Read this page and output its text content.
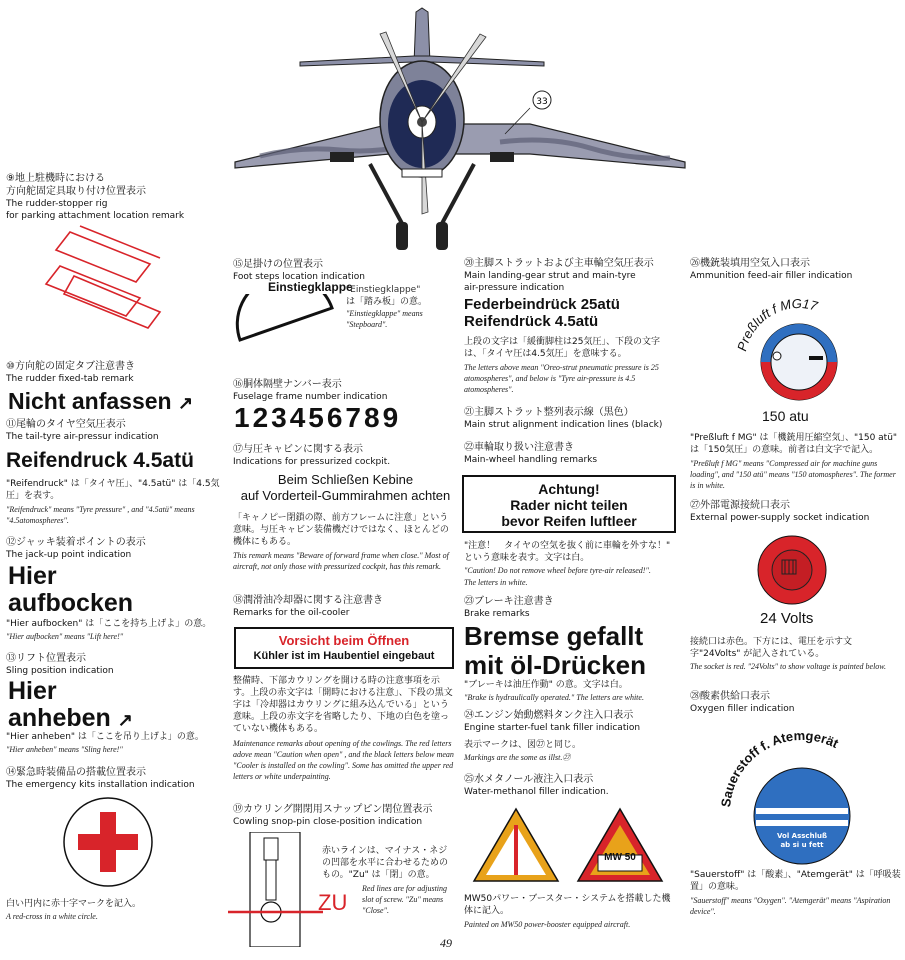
33
⑨地上駐機時における
方向舵固定具取り付け位置表示
The rudder-stopper rig
for parking attachment location remark
⑩方向舵の固定タブ注意書き
The rudder fixed-tab remark
Nicht anfassen ↗
⑪尾輪のタイヤ空気圧表示
The tail-tyre air-pressur indication
Reifendruck 4.5atü
"Reifendruck" は「タイヤ圧」、"4.5atü" は「4.5気圧」を表す。
"Reifendruck" means "Tyre pressure" , and "4.5atü" means "4.5atomospheres".
⑫ジャッキ装着ポイントの表示
The jack-up point indication
Hier
aufbocken
"Hier aufbocken" は「ここを持ち上げよ」の意。
"Hier aufbocken" means "Lift here!"
⑬リフト位置表示
Sling position indication
Hier
anheben ↗
"Hier anheben" は「ここを吊り上げよ」の意。
"Hier anheben" means "Sling here!"
⑭緊急時装備品の搭載位置表示
The emergency kits installation indication
白い円内に赤十字マークを記入。
A red-cross in a white circle.
⑮足掛けの位置表示
Foot steps location indication
Einstiegklappe
"Einstiegklappe"
は「踏み板」の意。
"Einstiegklappe" means "Stepboard".
⑯胴体隔壁ナンバー表示
Fuselage frame number indication
123456789
⑰与圧キャビンに関する表示
Indications for pressurized cockpit.
Beim Schließen Kebine
auf Vorderteil-Gummirahmen achten
「キャノピー閉鎖の際、前方フレームに注意」という意味。与圧キャビン装備機だけではなく、ほとんどの機体にもある。
This remark means "Beware of forward frame when close." Most of aircraft, not only those with pressurized cockpit, has this remark.
⑱潤滑油冷却器に関する注意書き
Remarks for the oil-cooler
Vorsicht beim Öffnen
Kühler ist im Haubentiel eingebaut
整備時、下部カウリングを開ける時の注意事項を示す。上段の赤文字は「開時における注意」、下段の黒文字は「冷却器はカウリングに組み込んでいる」という意味。上段の赤文字を省略したり、下地の白色を塗っていない機体もある。
Maintenance remarks about opening of the cowlings. The red letters adove mean "Caution when open" , and the black letters below mean "Cooler is installed on the cowling". Some has omitted the upper red letters or white underpainting.
⑲カウリング開閉用スナップピン閉位置表示
Cowling snop-pin close-position indication
ZU
赤いラインは、マイナス・ネジの凹部を水平に合わせるためのもの。"Zu" は「閉」の意。
Red lines are for adjusting slot of screw. "Zu" means "Close".
⑳主脚ストラットおよび主車輪空気圧表示
Main landing-gear strut and main-tyre
air-pressure indication
Federbeindrück 25atü
Reifendrück 4.5atü
上段の文字は「緩衝脚柱は25気圧」、下段の文字は、「タイヤ圧は4.5気圧」を意味する。
The letters above mean "Oreo-strut pneumatic pressure is 25 atomospheres", and below is "Tyre air-pressure is 4.5 atomospheres".
㉑主脚ストラット整列表示線（黒色）
Main strut alignment indication lines (black)
㉒車輪取り扱い注意書き
Main-wheel handling remarks
Achtung!
Rader nicht teilen
bevor Reifen luftleer
"注意！　タイヤの空気を抜く前に車輪を外すな！" という意味を表す。文字は白。
"Caution! Do not remove wheel before tyre-air released!".
The letters in white.
㉓ブレーキ注意書き
Brake remarks
Bremse gefallt
mit öl-Drücken
"ブレーキは油圧作動" の意。文字は白。
"Brake is hydraulically operated." The letters are white.
㉔エンジン始動燃料タンク注入口表示
Engine starter-fuel tank filler indication
表示マークは、図㉗と同じ。
Markings are the some as illst.㉗
㉕水メタノール液注入口表示
Water-methanol filler indication.
MW 50
MW50パワー・ブースター・システムを搭載した機体に記入。
Painted on MW50 power-booster equipped aircraft.
㉖機銃装填用空気入口表示
Ammunition feed-air filler indication
Preßluft f MG17
150 atu
"Preßluft f MG" は「機銃用圧縮空気」、"150 atü" は「150気圧」の意味。前者は白文字で記入。
"Preßluft f MG" means "Compressed air for machine guns loading", and "150 atü" means "150 atomospheres". The former is in white.
㉗外部電源接続口表示
External power-supply socket indication
24 Volts
接続口は赤色。下方には、電圧を示す文字"24Volts" が記入されている。
The socket is red. "24Volts" to show voltage is painted below.
㉘酸素供給口表示
Oxygen filler indication
Sauerstoff f. Atemgerät
Vol Asschluß
ab si u fett
"Sauerstoff" は「酸素」、"Atemgerät" は「呼吸装置」の意味。
"Sauerstoff" means "Oxygen". "Atemgerät" means "Aspiration device".
49
